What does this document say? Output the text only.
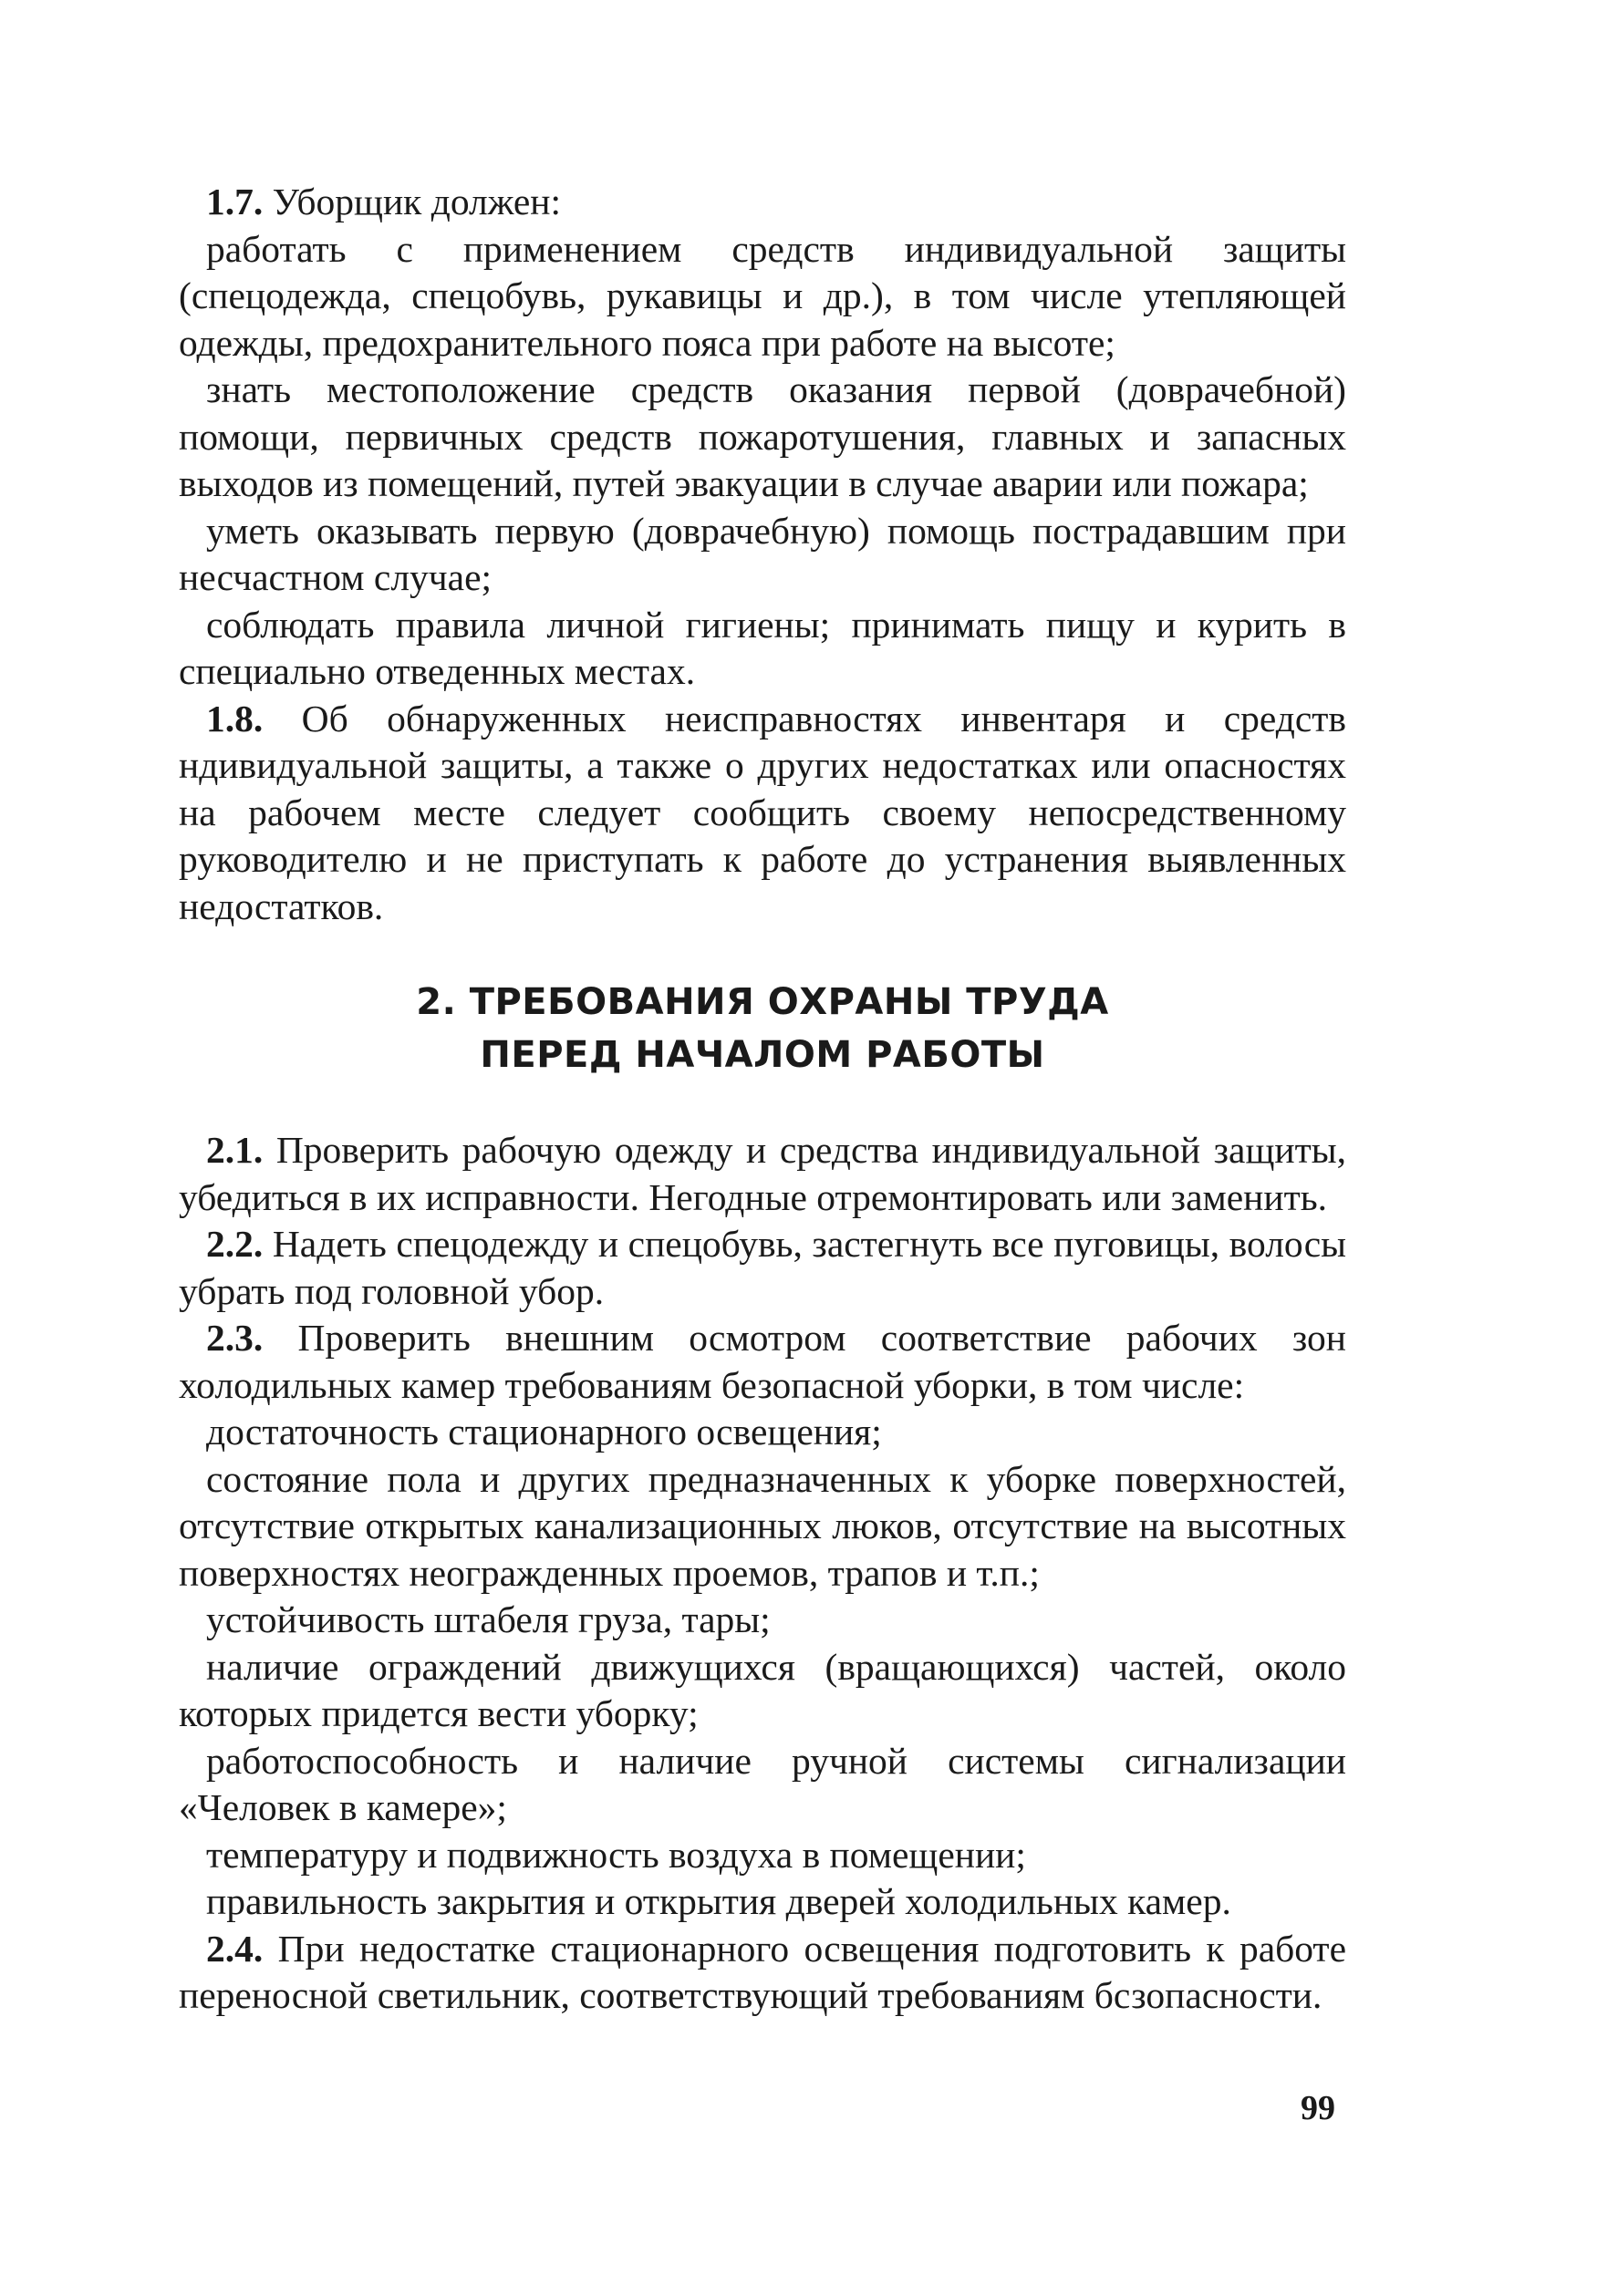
1.7. Уборщик должен:

работать с применением средств индивидуальной защиты (спецодежда, спецобувь, рукавицы и др.), в том числе утепляющей одежды, предохранительного пояса при работе на высоте;

знать местоположение средств оказания первой (доврачебной) помощи, первичных средств пожаротушения, главных и запасных выходов из помещений, путей эвакуации в случае аварии или пожара;

уметь оказывать первую (доврачебную) помощь пострадавшим при несчастном случае;

соблюдать правила личной гигиены; принимать пищу и курить в специально отведенных местах.

1.8. Об обнаруженных неисправностях инвентаря и средств ндивидуальной защиты, а также о других недостатках или опасностях на рабочем месте следует сообщить своему непосредственному руководителю и не приступать к работе до устранения выявленных недостатков.

2. ТРЕБОВАНИЯ ОХРАНЫ ТРУДА
ПЕРЕД НАЧАЛОМ РАБОТЫ

2.1. Проверить рабочую одежду и средства индивидуальной защиты, убедиться в их исправности. Негодные отремонтировать или заменить.

2.2. Надеть спецодежду и спецобувь, застегнуть все пуговицы, волосы убрать под головной убор.

2.3. Проверить внешним осмотром соответствие рабочих зон холодильных камер требованиям безопасной уборки, в том числе:

достаточность стационарного освещения;

состояние пола и других предназначенных к уборке поверхностей, отсутствие открытых канализационных люков, отсутствие на высотных поверхностях неогражденных проемов, трапов и т.п.;

устойчивость штабеля груза, тары;

наличие ограждений движущихся (вращающихся) частей, около которых придется вести уборку;

работоспособность и наличие ручной системы сигнализации «Человек в камере»;

температуру и подвижность воздуха в помещении;

правильность закрытия и открытия дверей холодильных камер.

2.4. При недостатке стационарного освещения подготовить к работе переносной светильник, соответствующий требованиям бсзопасности.

99
